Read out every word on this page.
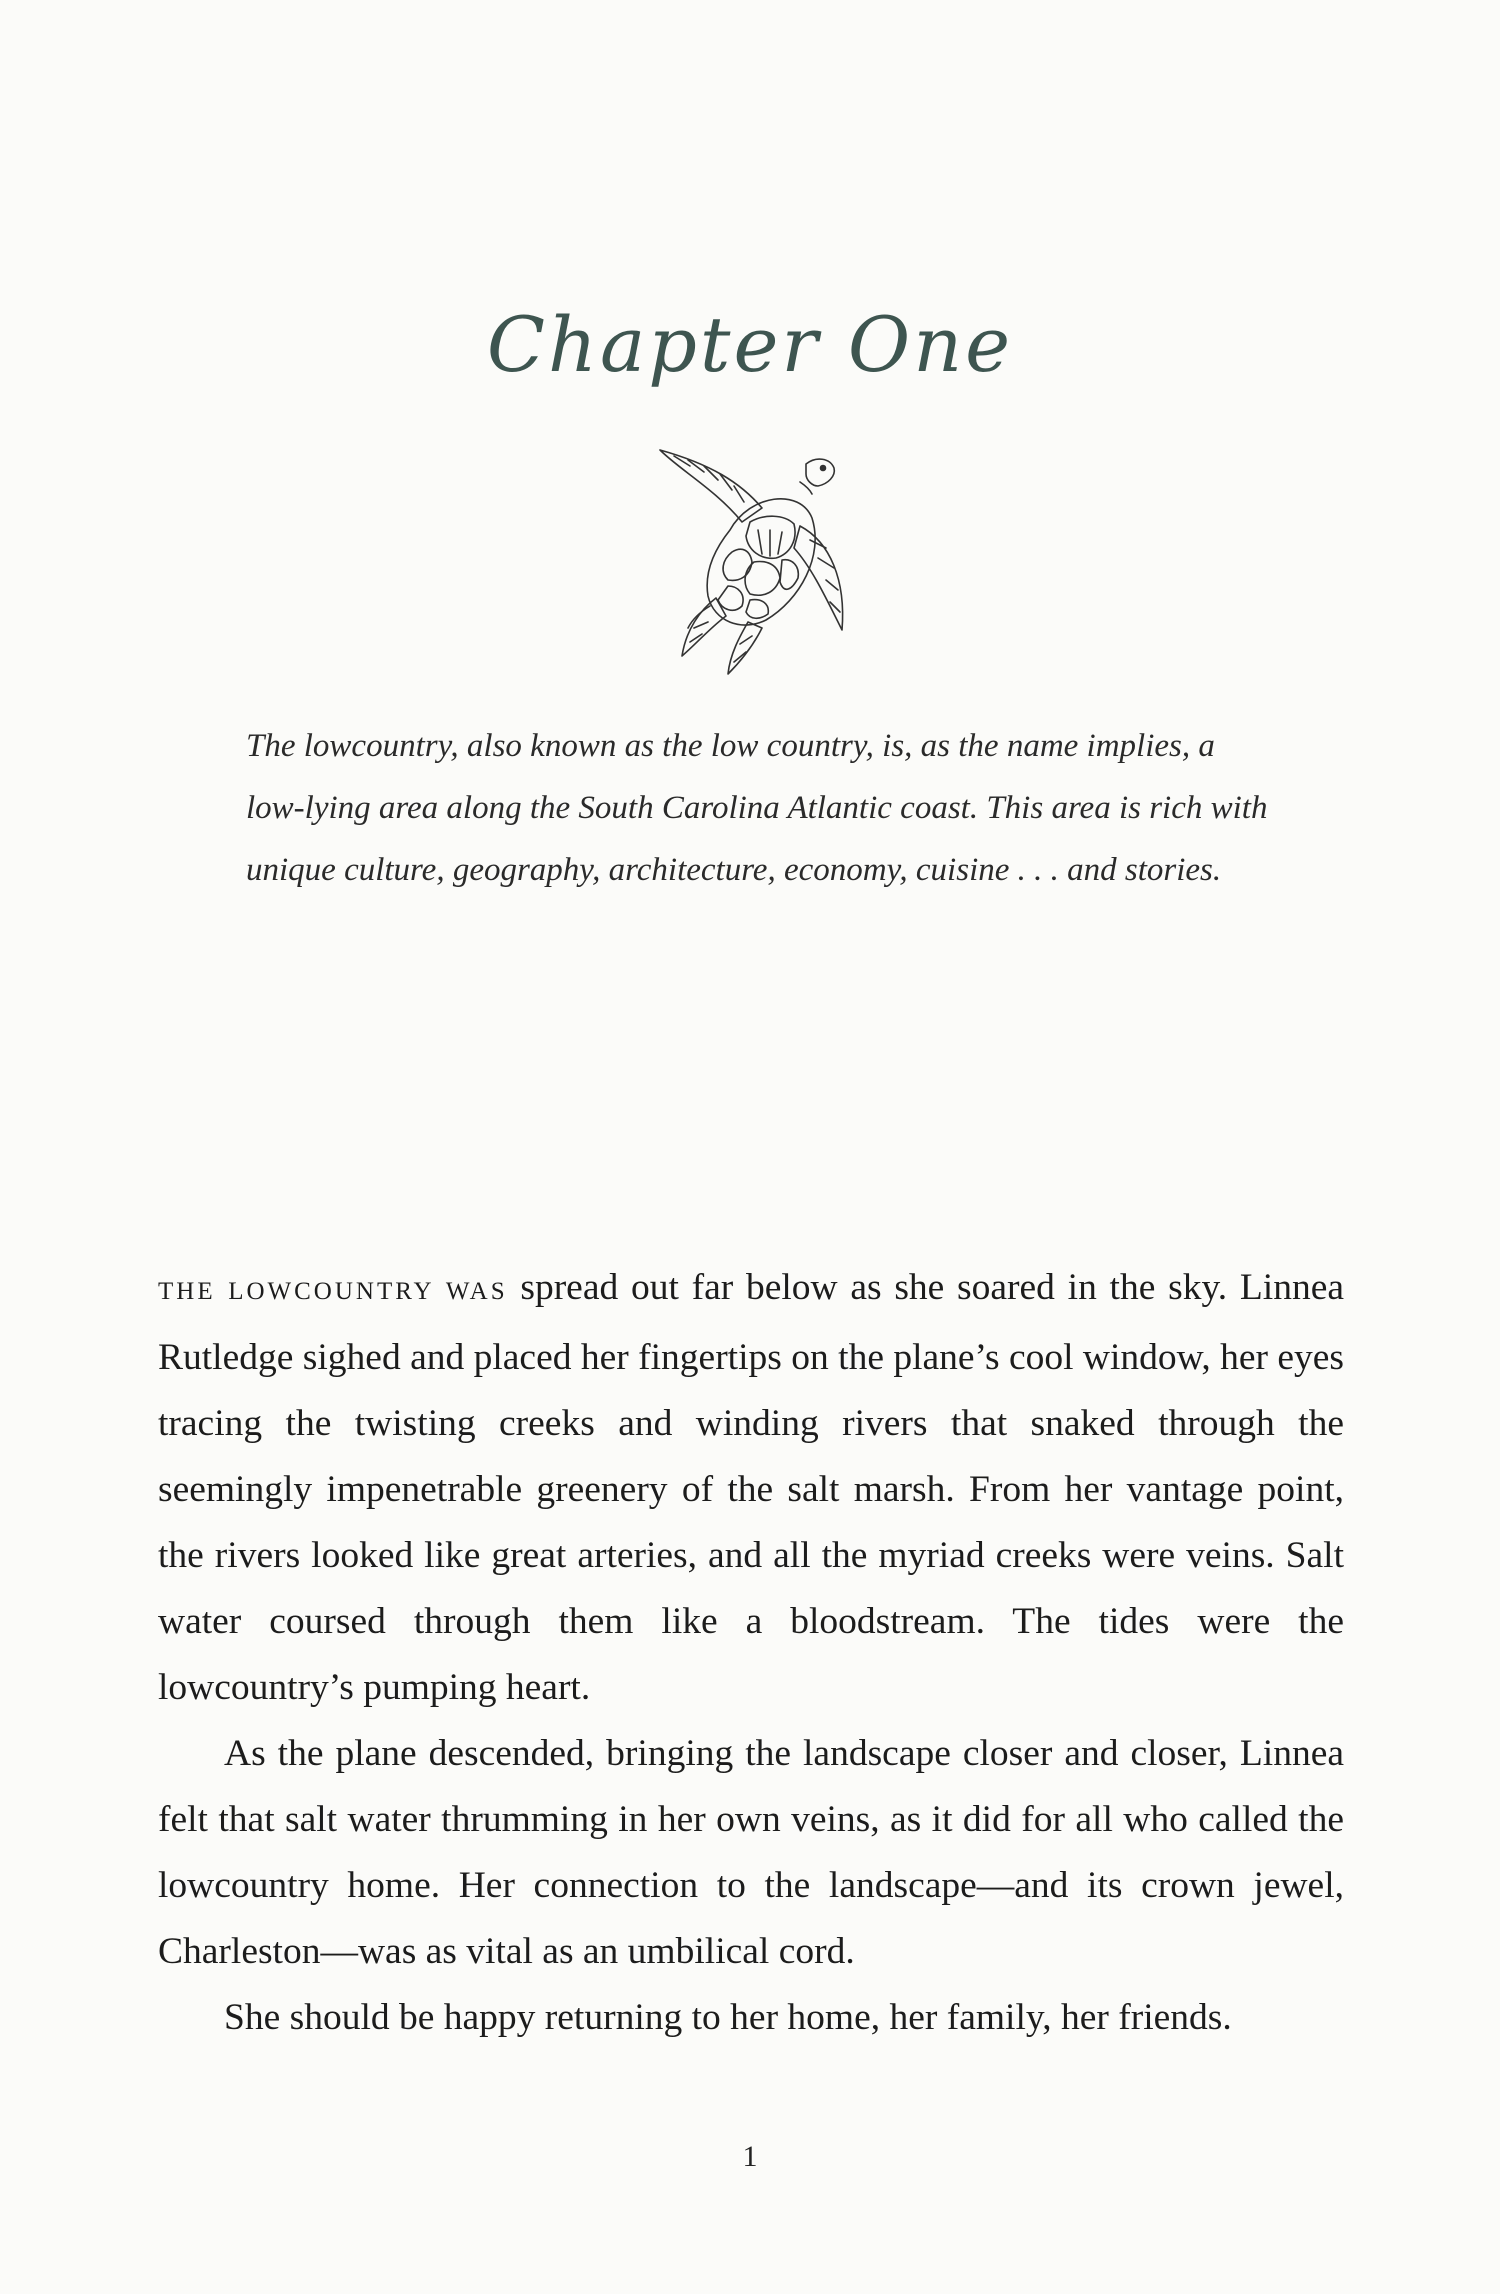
Chapter One

The lowcountry, also known as the low country, is, as the name implies, a low-lying area along the South Carolina Atlantic coast. This area is rich with unique culture, geography, architecture, economy, cuisine . . . and stories.

THE LOWCOUNTRY WAS spread out far below as she soared in the sky. Linnea Rutledge sighed and placed her fingertips on the plane’s cool window, her eyes tracing the twisting creeks and winding rivers that snaked through the seemingly impenetrable greenery of the salt marsh. From her vantage point, the rivers looked like great arteries, and all the myriad creeks were veins. Salt water coursed through them like a bloodstream. The tides were the lowcountry’s pumping heart.

As the plane descended, bringing the landscape closer and closer, Linnea felt that salt water thrumming in her own veins, as it did for all who called the lowcountry home. Her connection to the landscape—and its crown jewel, Charleston—was as vital as an umbilical cord.

She should be happy returning to her home, her family, her friends.

1
